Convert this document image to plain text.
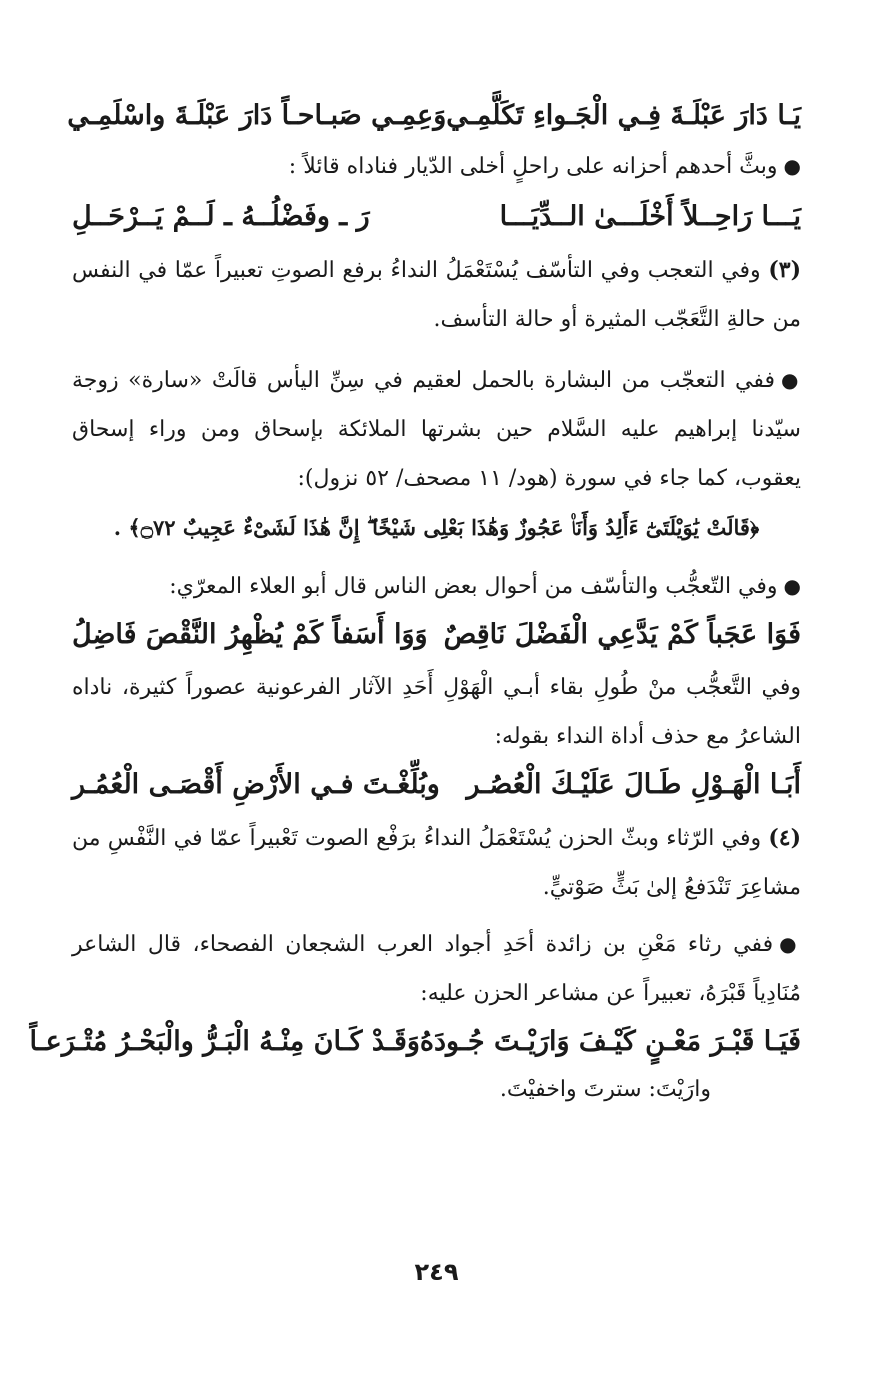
يَـا دَارَ عَبْلَـةَ فِـي الْجَـواءِ تَكَلَّمِـي
وَعِمِـي صَبـاحـاً دَارَ عَبْلَـةَ واسْلَمِـي

●وبثَّ أحدهم أحزانه على راحلٍ أخلى الدّيار فناداه قائلاً :

يَـــا رَاحِــلاً أَخْلَـــىٰ الــدِّيَـــا
رَ ـ وفَضْلُــهُ ـ لَــمْ يَــرْحَــلِ

(٣) وفي التعجب وفي التأسّف يُسْتَعْمَلُ النداءُ برفع الصوتِ تعبيراً عمّا في النفس من حالةِ التَّعَجّب المثيرة أو حالة التأسف.

●ففي التعجّب من البشارة بالحمل لعقيم في سِنِّ اليأس قالَتْ «سارة» زوجة سيّدنا إبراهيم عليه السَّلام حين بشرتها الملائكة بإسحاق ومن وراء إسحاق يعقوب، كما جاء في سورة (هود/ ١١ مصحف/ ٥٢ نزول):

﴿قَالَتْ يَٰوَيْلَتَىٰٓ ءَأَلِدُ وَأَنَا۠ عَجُوزٌ وَهَٰذَا بَعْلِى شَيْخًا ۖ إِنَّ هَٰذَا لَشَىْءٌ عَجِيبٌ ۝٧٢﴾ .

●وفي التّعجُّب والتأسّف من أحوال بعض الناس قال أبو العلاء المعرّي:

فَوَا عَجَباً كَمْ يَدَّعِي الْفَضْلَ نَاقِصٌ
وَوَا أَسَفاً كَمْ يُظْهِرُ النَّقْصَ فَاضِلُ

وفي التَّعجُّب منْ طُولِ بقاء أبـي الْهَوْلِ أَحَدِ الآثار الفرعونية عصوراً كثيرة، ناداه الشاعرُ مع حذف أداة النداء بقوله:

أَبَـا الْهَـوْلِ طَـالَ عَلَيْـكَ الْعُصُـر
وبُلِّغْـتَ فـي الأَرْضِ أَقْصَـى الْعُمُـر

(٤) وفي الرّثاء وبثّ الحزن يُسْتَعْمَلُ النداءُ برَفْع الصوت تَعْبيراً عمّا في النَّفْسِ من مشاعِرَ تَنْدَفعُ إلىٰ بَثٍّ صَوْتيٍّ.

●ففي رثاء مَعْنِ بن زائدة أحَدِ أجواد العرب الشجعان الفصحاء، قال الشاعر مُنَادِياً قَبْرَهُ، تعبيراً عن مشاعر الحزن عليه:

فَيَـا قَبْـرَ مَعْـنٍ كَيْـفَ وَارَيْـتَ جُـودَهُ
وَقَـدْ كَـانَ مِنْـهُ الْبَـرُّ والْبَحْـرُ مُتْـرَعـاً

وارَيْتَ: سترتَ واخفيْتَ.

٢٤٩
